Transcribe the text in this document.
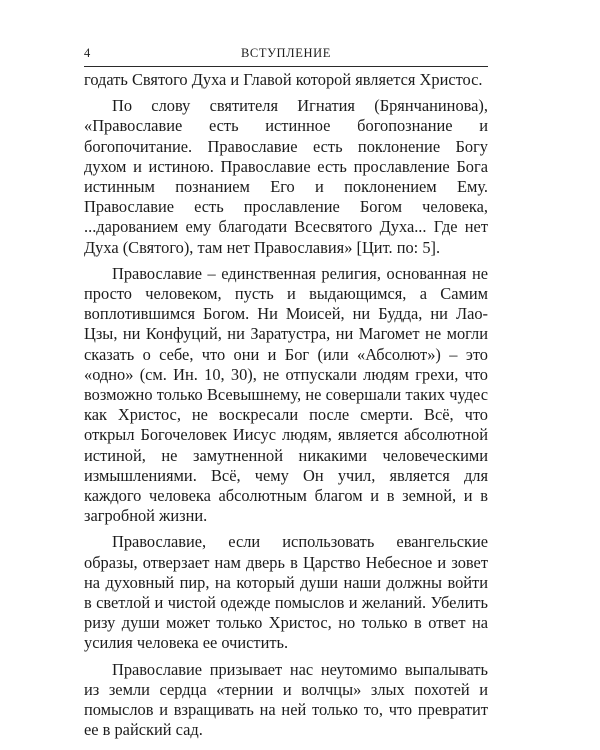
4	ВСТУПЛЕНИЕ

годать Святого Духа и Главой которой является Христос.

По слову святителя Игнатия (Брянчанинова), «Православие есть истинное богопознание и богопочитание. Православие есть поклонение Богу духом и истиною. Православие есть прославление Бога истинным познанием Его и поклонением Ему. Православие есть прославление Богом человека, ...дарованием ему благодати Всесвятого Духа... Где нет Духа (Святого), там нет Православия» [Цит. по: 5].

Православие – единственная религия, основанная не просто человеком, пусть и выдающимся, а Самим воплотившимся Богом. Ни Моисей, ни Будда, ни Лао-Цзы, ни Конфуций, ни Заратустра, ни Магомет не могли сказать о себе, что они и Бог (или «Абсолют») – это «одно» (см. Ин. 10, 30), не отпускали людям грехи, что возможно только Всевышнему, не совершали таких чудес как Христос, не воскресали после смерти. Всё, что открыл Богочеловек Иисус людям, является абсолютной истиной, не замутненной никакими человеческими измышлениями. Всё, чему Он учил, является для каждого человека абсолютным благом и в земной, и в загробной жизни.

Православие, если использовать евангельские образы, отверзает нам дверь в Царство Небесное и зовет на духовный пир, на который души наши должны войти в светлой и чистой одежде помыслов и желаний. Убелить ризу души может только Христос, но только в ответ на усилия человека ее очистить.

Православие призывает нас неутомимо выпалывать из земли сердца «тернии и волчцы» злых похотей и помыслов и взращивать на ней только то, что превратит ее в райский сад.
